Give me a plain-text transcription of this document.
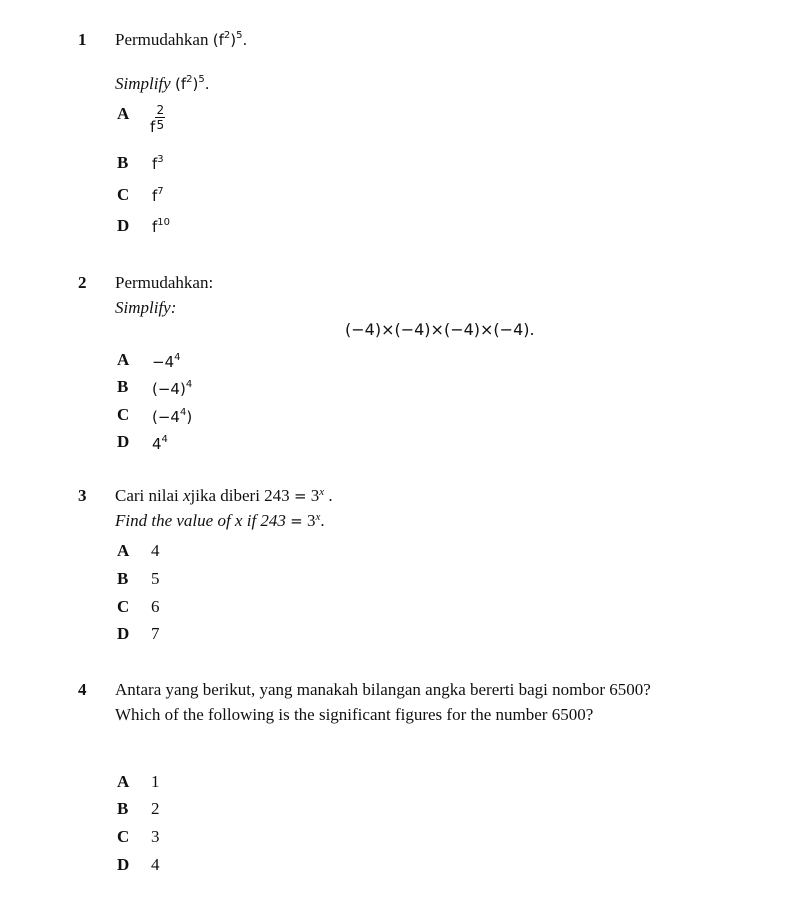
1 Permudahkan $(f^2)^5$.
Simplify $(f^2)^5$.
A
f $\frac{2}{5}$
B $f^3$
C $f^7$
D $f^{10}$
2 Permudahkan:
Simplify:
(−4)×(−4)×(−4)×(−4).
$A -4^4$
B $(-4)^4$
C $(-4^4)$
D $4^4$
3 Cari nilai xjika diberi $243 = 3^x$ .
Find the value of x if $243 = 3^x$.
A 4
B 5
C 6
D 7
4 Antara yang berikut, yang manakah bilangan angka bererti bagi nombor 6500?
Which of the following is the significant figures for the number 6500?
A 1
B 2
C 3
D 4
